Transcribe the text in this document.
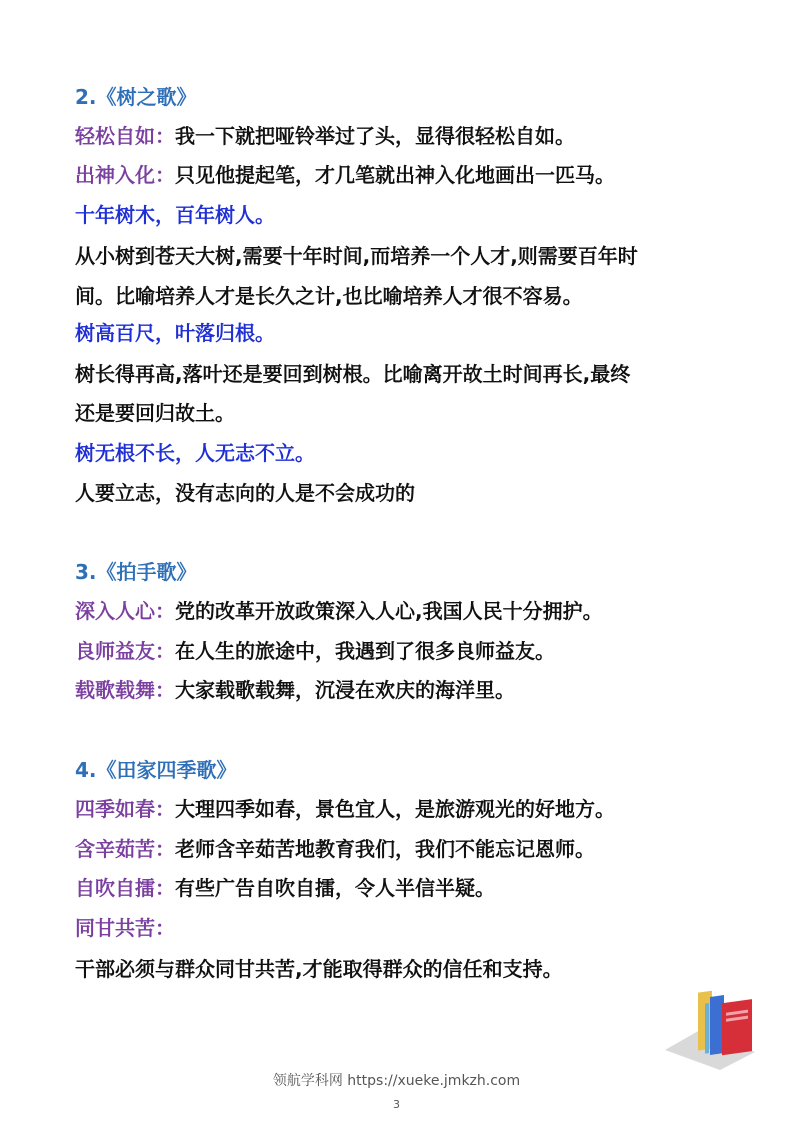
2.《树之歌》
轻松自如：我一下就把哑铃举过了头，显得很轻松自如。
出神入化：只见他提起笔，才几笔就出神入化地画出一匹马。
十年树木，百年树人。
从小树到苍天大树,需要十年时间,而培养一个人才,则需要百年时
间。比喻培养人才是长久之计,也比喻培养人才很不容易。
树高百尺，叶落归根。
树长得再高,落叶还是要回到树根。比喻离开故土时间再长,最终
还是要回归故土。
树无根不长，人无志不立。
人要立志，没有志向的人是不会成功的
3.《拍手歌》
深入人心：党的改革开放政策深入人心,我国人民十分拥护。
良师益友：在人生的旅途中，我遇到了很多良师益友。
载歌载舞：大家载歌载舞，沉浸在欢庆的海洋里。
4.《田家四季歌》
四季如春：大理四季如春，景色宜人，是旅游观光的好地方。
含辛茹苦：老师含辛茹苦地教育我们，我们不能忘记恩师。
自吹自擂：有些广告自吹自擂，令人半信半疑。
同甘共苦：
干部必须与群众同甘共苦,才能取得群众的信任和支持。
领航学科网 https://xueke.jmkzh.com
3
